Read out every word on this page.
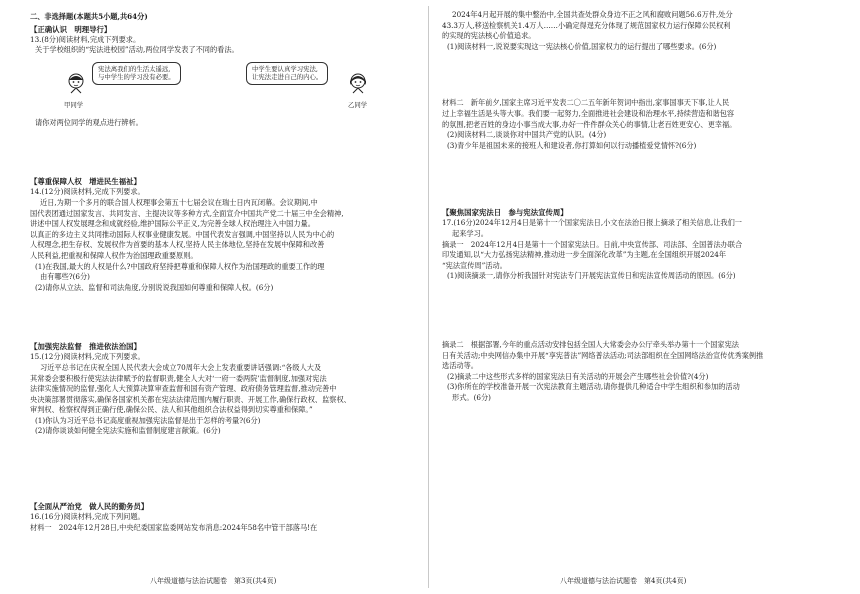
二、非选择题(本题共5小题,共64分)
【正确认识　明理导行】
13.(8分)阅读材料,完成下列要求。
关于学校组织的“宪法进校园”活动,两位同学发表了不同的看法。
宪法离我们的生活太遥远,
与中学生的学习没有必要。
甲同学
中学生要认真学习宪法,
让宪法走进自己的内心。
乙同学
请你对两位同学的观点进行辨析。
【尊重保障人权　增进民生福祉】
14.(12分)阅读材料,完成下列要求。
近日,为期一个多月的联合国人权理事会第五十七届会议在瑞士日内瓦闭幕。会议期间,中
国代表团通过国家发言、共同发言、主提决议等多种方式,全面宣介中国共产党二十届三中全会精神,
讲述中国人权发展理念和成就经验,维护国际公平正义,为完善全球人权治理注入中国力量。
以真正的多边主义共同推动国际人权事业健康发展。中国代表发言强调,中国坚持以人民为中心的
人权理念,把生存权、发展权作为首要的基本人权,坚持人民主体地位,坚持在发展中保障和改善
人民利益,把重视和保障人权作为治国理政重要原则。
(1)在我国,最大的人权是什么?中国政府坚持把尊重和保障人权作为治国理政的重要工作的理
由有哪些?(6分)
(2)请你从立法、监督和司法角度,分别说说我国如何尊重和保障人权。(6分)
【加强宪法监督　推进依法治国】
15.(12分)阅读材料,完成下列要求。
习近平总书记在庆祝全国人民代表大会成立70周年大会上发表重要讲话强调:“各级人大及
其常委会要积极行使宪法法律赋予的监督职责,健全人大对‘一府一委两院’监督制度,加强对宪法
法律实施情况的监督,强化人大预算决算审查监督和国有资产管理、政府债务管理监督,推动完善中
央决策部署贯彻落实,确保各国家机关都在宪法法律范围内履行职责、开展工作,确保行政权、监察权、
审判权、检察权得到正确行使,确保公民、法人和其他组织合法权益得到切实尊重和保障。”
(1)你认为习近平总书记高度重视加强宪法监督是出于怎样的考量?(6分)
(2)请你谈谈如何健全宪法实施和监督制度建言献策。(6分)
【全面从严治党　做人民的勤务员】
16.(16分)阅读材料,完成下列问题。
材料一　2024年12月28日,中央纪委国家监委网站发布消息:2024年58名中管干部落马!在
八年级道德与法治试题卷　第3页(共4页)
2024年4月起开展的集中整治中,全国共查处群众身边不正之风和腐败问题56.6万件,处分
43.3万人,移送检察机关1.4万人……小确定得逞充分体现了规范国家权力运行保障公民权利
的实现的宪法核心价值追求。
(1)阅读材料一,说说要实现这一宪法核心价值,国家权力的运行提出了哪些要求。(6分)
材料二　新年前夕,国家主席习近平发表二〇二五年新年贺词中指出,家事国事天下事,让人民
过上幸福生活是头等大事。我们要一起努力,全面推进社会建设和治理水平,持续营造和谐包容
的氛围,把老百姓的身边小事当成大事,办好一件件群众关心的事情,让老百姓更安心、更幸福。
(2)阅读材料二,谈谈你对中国共产党的认识。(4分)
(3)青少年是祖国未来的接班人和建设者,你打算如何以行动播植爱党情怀?(6分)
【聚焦国家宪法日　参与宪法宣传周】
17.(16分)2024年12月4日是第十一个国家宪法日,小文在法治日报上摘录了相关信息,让我们一
起来学习。
摘录一　2024年12月4日是第十一个国家宪法日。日前,中央宣传部、司法部、全国普法办联合
印发通知,以“大力弘扬宪法精神,推动进一步全面深化改革”为主题,在全国组织开展2024年
“宪法宣传周”活动。
(1)阅读摘录一,请你分析我国针对宪法专门开展宪法宣传日和宪法宣传周活动的原因。(6分)
摘录二　根据部署,今年的重点活动安排包括全国人大常委会办公厅牵头举办第十一个国家宪法
日有关活动;中央网信办集中开展“享宪普法”网络普法活动;司法部组织在全国网络法治宣传优秀案例推
选活动等。
(2)摘录二中这些形式多样的国家宪法日有关活动的开展会产生哪些社会价值?(4分)
(3)你所在的学校准备开展一次宪法教育主题活动,请你提供几种适合中学生组织和参加的活动
形式。(6分)
八年级道德与法治试题卷　第4页(共4页)
